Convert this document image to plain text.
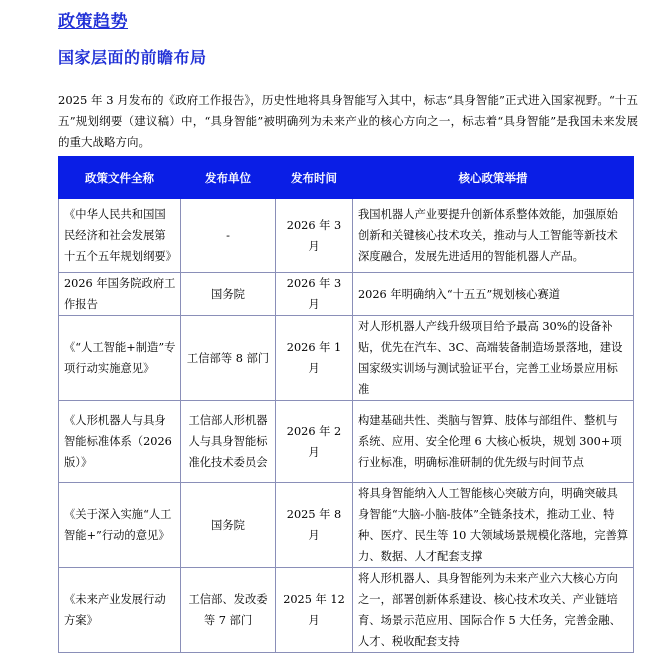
政策趋势
国家层面的前瞻布局
2025 年 3 月发布的《政府工作报告》，历史性地将具身智能写入其中，标志“具身智能”正式进入国家视野。“十五五”规划纲要（建议稿）中，“具身智能”被明确列为未来产业的核心方向之一，标志着“具身智能”是我国未来发展的重大战略方向。
政策文件全称	发布单位	发布时间	核心政策举措
《中华人民共和国国民经济和社会发展第十五个五年规划纲要》	-	2026 年 3 月	我国机器人产业要提升创新体系整体效能，加强原始创新和关键核心技术攻关，推动与人工智能等新技术深度融合，发展先进适用的智能机器人产品。
2026 年国务院政府工作报告	国务院	2026 年 3 月	2026 年明确纳入“十五五”规划核心赛道
《“人工智能+制造”专项行动实施意见》	工信部等 8 部门	2026 年 1 月	对人形机器人产线升级项目给予最高 30%的设备补贴，优先在汽车、3C、高端装备制造场景落地，建设国家级实训场与测试验证平台，完善工业场景应用标准
《人形机器人与具身智能标准体系（2026 版）》	工信部人形机器人与具身智能标准化技术委员会	2026 年 2 月	构建基础共性、类脑与智算、肢体与部组件、整机与系统、应用、安全伦理 6 大核心板块，规划 300+项行业标准，明确标准研制的优先级与时间节点
《关于深入实施“人工智能+”行动的意见》	国务院	2025 年 8 月	将具身智能纳入人工智能核心突破方向，明确突破具身智能“大脑-小脑-肢体”全链条技术，推动工业、特种、医疗、民生等 10 大领域场景规模化落地，完善算力、数据、人才配套支撑
《未来产业发展行动方案》	工信部、发改委等 7 部门	2025 年 12 月	将人形机器人、具身智能列为未来产业六大核心方向之一，部署创新体系建设、核心技术攻关、产业链培育、场景示范应用、国际合作 5 大任务，完善金融、人才、税收配套支持
